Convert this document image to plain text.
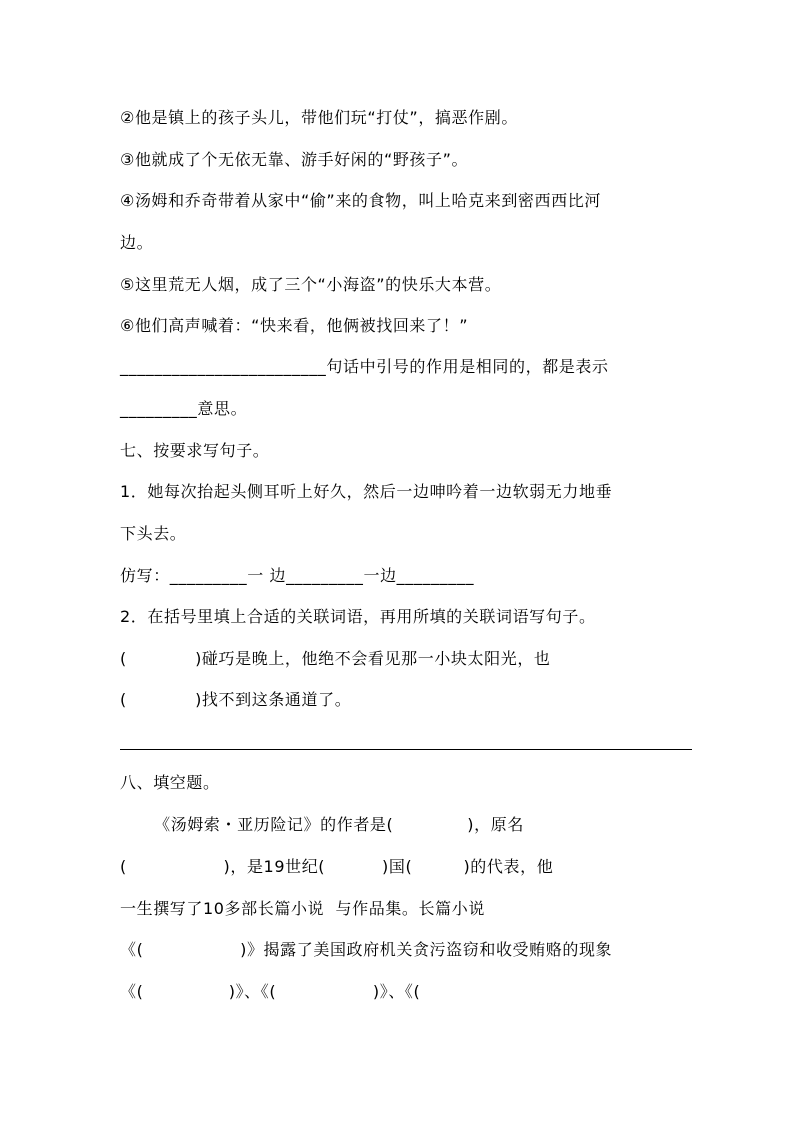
②他是镇上的孩子头儿，带他们玩“打仗”，搞恶作剧。
③他就成了个无依无靠、游手好闲的“野孩子”。
④汤姆和乔奇带着从家中“偷”来的食物，叫上哈克来到密西西比河
边。
⑤这里荒无人烟，成了三个“小海盗”的快乐大本营。
⑥他们高声喊着：“快来看，他俩被找回来了！”
________________________句话中引号的作用是相同的，都是表示
_________意思。
七、按要求写句子。
1．她每次抬起头侧耳听上好久，然后一边呻吟着一边软弱无力地垂
下头去。
仿写：_________一 边_________一边_________
2．在括号里填上合适的关联词语，再用所填的关联词语写句子。
(            )碰巧是晚上，他绝不会看见那一小块太阳光，也
(            )找不到这条通道了。
八、填空题。
《汤姆索・亚历险记》的作者是(             )，原名
(                 )，是19世纪(          )国(         )的代表，他
一生撰写了10多部长篇小说  与作品集。长篇小说
《(                 )》揭露了美国政府机关贪污盗窃和收受贿赂的现象
《(               )》、《(                 )》、《(
